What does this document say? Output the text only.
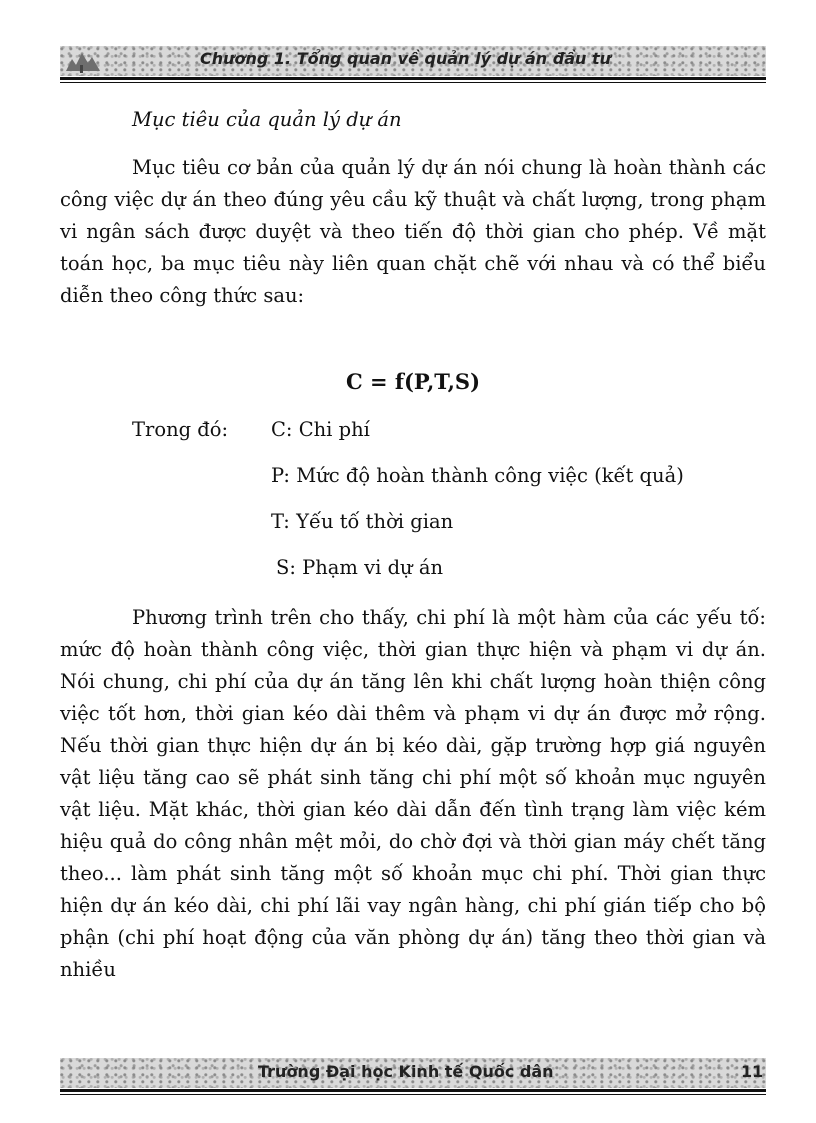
Chương 1. Tổng quan về quản lý dự án đầu tư

Mục tiêu của quản lý dự án

Mục tiêu cơ bản của quản lý dự án nói chung là hoàn thành các công việc dự án theo đúng yêu cầu kỹ thuật và chất lượng, trong phạm vi ngân sách được duyệt và theo tiến độ thời gian cho phép. Về mặt toán học, ba mục tiêu này liên quan chặt chẽ với nhau và có thể biểu diễn theo công thức sau:

C = f(P,T,S)

Trong đó: C: Chi phí

P: Mức độ hoàn thành công việc (kết quả)

T: Yếu tố thời gian

S: Phạm vi dự án

Phương trình trên cho thấy, chi phí là một hàm của các yếu tố: mức độ hoàn thành công việc, thời gian thực hiện và phạm vi dự án. Nói chung, chi phí của dự án tăng lên khi chất lượng hoàn thiện công việc tốt hơn, thời gian kéo dài thêm và phạm vi dự án được mở rộng. Nếu thời gian thực hiện dự án bị kéo dài, gặp trường hợp giá nguyên vật liệu tăng cao sẽ phát sinh tăng chi phí một số khoản mục nguyên vật liệu. Mặt khác, thời gian kéo dài dẫn đến tình trạng làm việc kém hiệu quả do công nhân mệt mỏi, do chờ đợi và thời gian máy chết tăng theo... làm phát sinh tăng một số khoản mục chi phí. Thời gian thực hiện dự án kéo dài, chi phí lãi vay ngân hàng, chi phí gián tiếp cho bộ phận (chi phí hoạt động của văn phòng dự án) tăng theo thời gian và nhiều

Trường Đại học Kinh tế Quốc dân	11
